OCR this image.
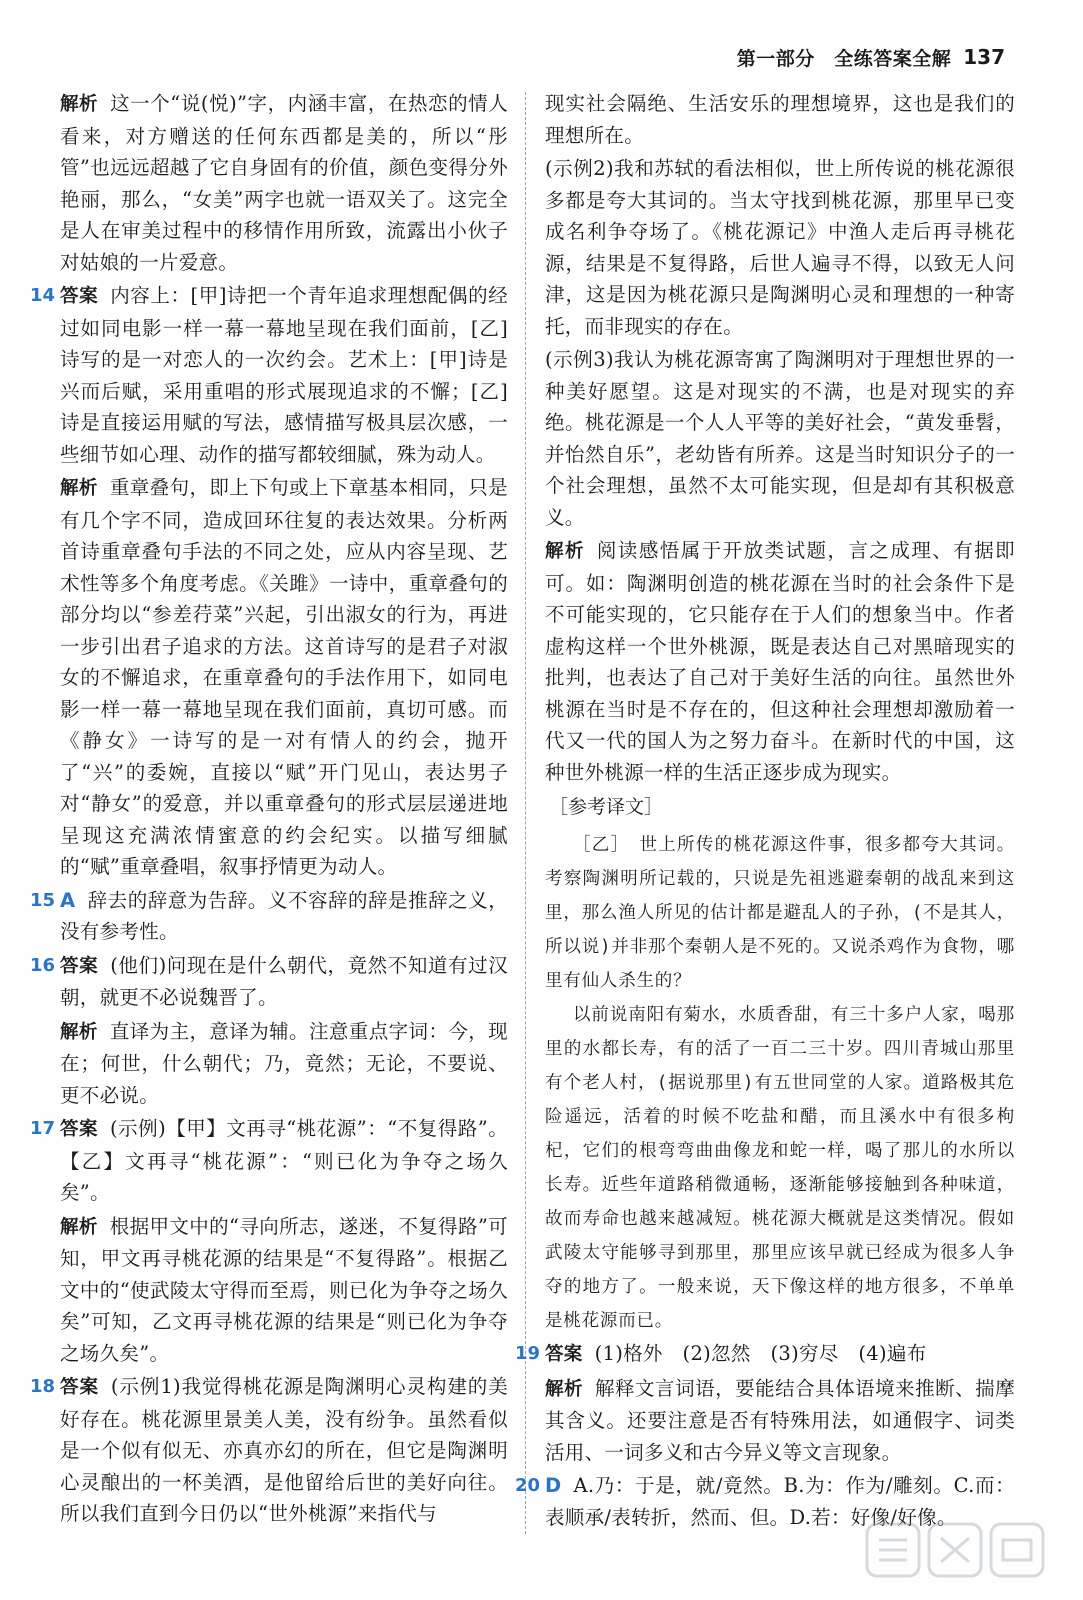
第一部分　全练答案全解 137

解析 这一个“说(悦)”字，内涵丰富，在热恋的情人看来，对方赠送的任何东西都是美的，所以“彤管”也远远超越了它自身固有的价值，颜色变得分外艳丽，那么，“女美”两字也就一语双关了。这完全是人在审美过程中的移情作用所致，流露出小伙子对姑娘的一片爱意。

14 答案 内容上：[甲]诗把一个青年追求理想配偶的经过如同电影一样一幕一幕地呈现在我们面前，[乙]诗写的是一对恋人的一次约会。艺术上：[甲]诗是兴而后赋，采用重唱的形式展现追求的不懈；[乙]诗是直接运用赋的写法，感情描写极具层次感，一些细节如心理、动作的描写都较细腻，殊为动人。

解析 重章叠句，即上下句或上下章基本相同，只是有几个字不同，造成回环往复的表达效果。分析两首诗重章叠句手法的不同之处，应从内容呈现、艺术性等多个角度考虑。《关雎》一诗中，重章叠句的部分均以“参差荇菜”兴起，引出淑女的行为，再进一步引出君子追求的方法。这首诗写的是君子对淑女的不懈追求，在重章叠句的手法作用下，如同电影一样一幕一幕地呈现在我们面前，真切可感。而《静女》一诗写的是一对有情人的约会，抛开了“兴”的委婉，直接以“赋”开门见山，表达男子对“静女”的爱意，并以重章叠句的形式层层递进地呈现这充满浓情蜜意的约会纪实。以描写细腻的“赋”重章叠唱，叙事抒情更为动人。

15 A 辞去的辞意为告辞。义不容辞的辞是推辞之义，没有参考性。

16 答案 (他们)问现在是什么朝代，竟然不知道有过汉朝，就更不必说魏晋了。

解析 直译为主，意译为辅。注意重点字词：今，现在；何世，什么朝代；乃，竟然；无论，不要说、更不必说。

17 答案 (示例)【甲】文再寻“桃花源”：“不复得路”。【乙】文再寻“桃花源”：“则已化为争夺之场久矣”。

解析 根据甲文中的“寻向所志，遂迷，不复得路”可知，甲文再寻桃花源的结果是“不复得路”。根据乙文中的“使武陵太守得而至焉，则已化为争夺之场久矣”可知，乙文再寻桃花源的结果是“则已化为争夺之场久矣”。

18 答案 (示例1)我觉得桃花源是陶渊明心灵构建的美好存在。桃花源里景美人美，没有纷争。虽然看似是一个似有似无、亦真亦幻的所在，但它是陶渊明心灵酿出的一杯美酒，是他留给后世的美好向往。所以我们直到今日仍以“世外桃源”来指代与

现实社会隔绝、生活安乐的理想境界，这也是我们的理想所在。

(示例2)我和苏轼的看法相似，世上所传说的桃花源很多都是夸大其词的。当太守找到桃花源，那里早已变成名利争夺场了。《桃花源记》中渔人走后再寻桃花源，结果是不复得路，后世人遍寻不得，以致无人问津，这是因为桃花源只是陶渊明心灵和理想的一种寄托，而非现实的存在。

(示例3)我认为桃花源寄寓了陶渊明对于理想世界的一种美好愿望。这是对现实的不满，也是对现实的弃绝。桃花源是一个人人平等的美好社会，“黄发垂髫，并怡然自乐”，老幼皆有所养。这是当时知识分子的一个社会理想，虽然不太可能实现，但是却有其积极意义。

解析 阅读感悟属于开放类试题，言之成理、有据即可。如：陶渊明创造的桃花源在当时的社会条件下是不可能实现的，它只能存在于人们的想象当中。作者虚构这样一个世外桃源，既是表达自己对黑暗现实的批判，也表达了自己对于美好生活的向往。虽然世外桃源在当时是不存在的，但这种社会理想却激励着一代又一代的国人为之努力奋斗。在新时代的中国，这种世外桃源一样的生活正逐步成为现实。

［参考译文］

［乙］　世上所传的桃花源这件事，很多都夸大其词。考察陶渊明所记载的，只说是先祖逃避秦朝的战乱来到这里，那么渔人所见的估计都是避乱人的子孙，(不是其人，所以说)并非那个秦朝人是不死的。又说杀鸡作为食物，哪里有仙人杀生的？

以前说南阳有菊水，水质香甜，有三十多户人家，喝那里的水都长寿，有的活了一百二三十岁。四川青城山那里有个老人村，(据说那里)有五世同堂的人家。道路极其危险遥远，活着的时候不吃盐和醋，而且溪水中有很多枸杞，它们的根弯弯曲曲像龙和蛇一样，喝了那儿的水所以长寿。近些年道路稍微通畅，逐渐能够接触到各种味道，故而寿命也越来越减短。桃花源大概就是这类情况。假如武陵太守能够寻到那里，那里应该早就已经成为很多人争夺的地方了。一般来说，天下像这样的地方很多，不单单是桃花源而已。

19 答案 (1)格外　(2)忽然　(3)穷尽　(4)遍布

解析 解释文言词语，要能结合具体语境来推断、揣摩其含义。还要注意是否有特殊用法，如通假字、词类活用、一词多义和古今异义等文言现象。

20 D A.乃：于是，就/竟然。B.为：作为/雕刻。C.而：表顺承/表转折，然而、但。D.若：好像/好像。
